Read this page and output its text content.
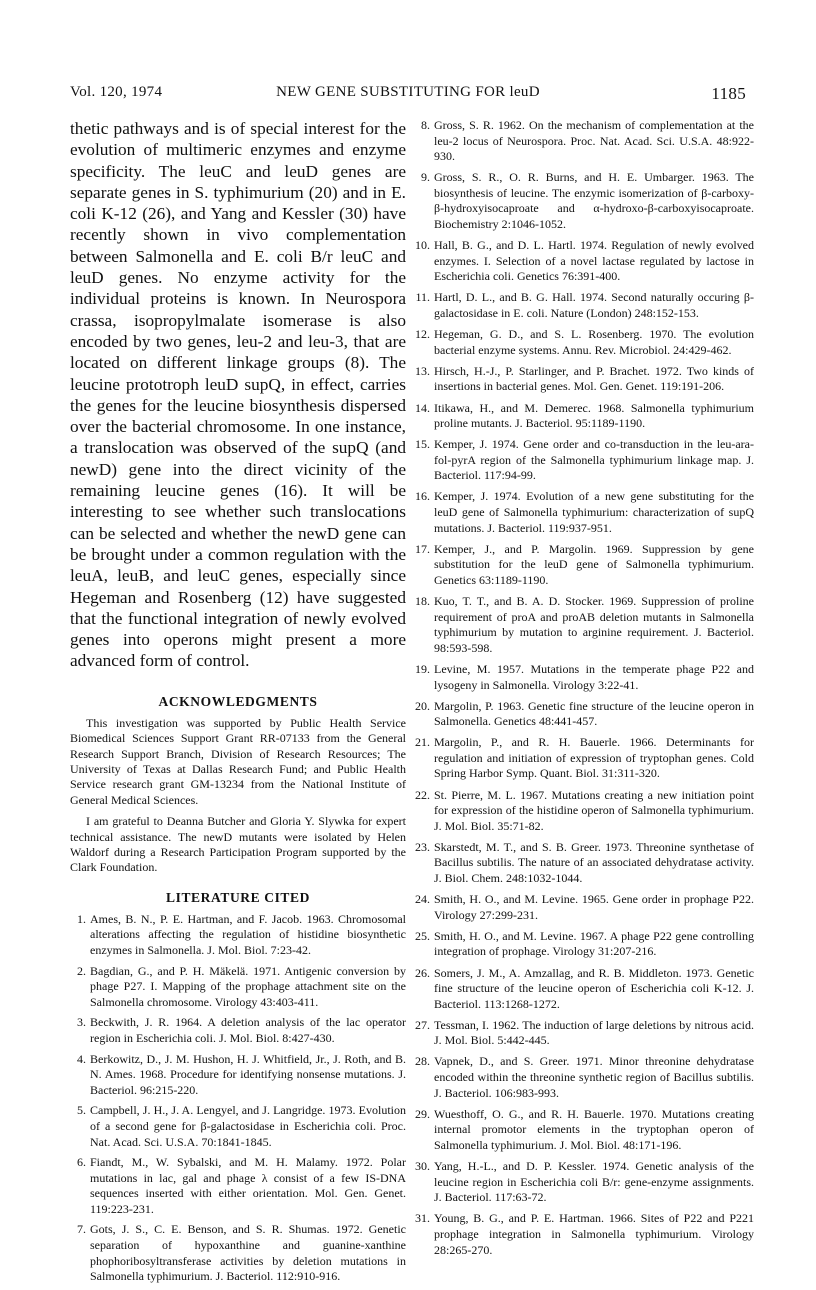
Vol. 120, 1974	NEW GENE SUBSTITUTING FOR leuD	1185

thetic pathways and is of special interest for the evolution of multimeric enzymes and enzyme specificity. The leuC and leuD genes are separate genes in S. typhimurium (20) and in E. coli K-12 (26), and Yang and Kessler (30) have recently shown in vivo complementation between Salmonella and E. coli B/r leuC and leuD genes. No enzyme activity for the individual proteins is known. In Neurospora crassa, isopropylmalate isomerase is also encoded by two genes, leu-2 and leu-3, that are located on different linkage groups (8). The leucine prototroph leuD supQ, in effect, carries the genes for the leucine biosynthesis dispersed over the bacterial chromosome. In one instance, a translocation was observed of the supQ (and newD) gene into the direct vicinity of the remaining leucine genes (16). It will be interesting to see whether such translocations can be selected and whether the newD gene can be brought under a common regulation with the leuA, leuB, and leuC genes, especially since Hegeman and Rosenberg (12) have suggested that the functional integration of newly evolved genes into operons might present a more advanced form of control.

ACKNOWLEDGMENTS

This investigation was supported by Public Health Service Biomedical Sciences Support Grant RR-07133 from the General Research Support Branch, Division of Research Resources; The University of Texas at Dallas Research Fund; and Public Health Service research grant GM-13234 from the National Institute of General Medical Sciences.

I am grateful to Deanna Butcher and Gloria Y. Slywka for expert technical assistance. The newD mutants were isolated by Helen Waldorf during a Research Participation Program supported by the Clark Foundation.

LITERATURE CITED
1. Ames, B. N., P. E. Hartman, and F. Jacob. 1963. Chromosomal alterations affecting the regulation of histidine biosynthetic enzymes in Salmonella. J. Mol. Biol. 7:23-42.
2. Bagdian, G., and P. H. Mäkelä. 1971. Antigenic conversion by phage P27. I. Mapping of the prophage attachment site on the Salmonella chromosome. Virology 43:403-411.
3. Beckwith, J. R. 1964. A deletion analysis of the lac operator region in Escherichia coli. J. Mol. Biol. 8:427-430.
4. Berkowitz, D., J. M. Hushon, H. J. Whitfield, Jr., J. Roth, and B. N. Ames. 1968. Procedure for identifying nonsense mutations. J. Bacteriol. 96:215-220.
5. Campbell, J. H., J. A. Lengyel, and J. Langridge. 1973. Evolution of a second gene for β-galactosidase in Escherichia coli. Proc. Nat. Acad. Sci. U.S.A. 70:1841-1845.
6. Fiandt, M., W. Sybalski, and M. H. Malamy. 1972. Polar mutations in lac, gal and phage λ consist of a few IS-DNA sequences inserted with either orientation. Mol. Gen. Genet. 119:223-231.
7. Gots, J. S., C. E. Benson, and S. R. Shumas. 1972. Genetic separation of hypoxanthine and guanine-xanthine phophoribosyltransferase activities by deletion mutations in Salmonella typhimurium. J. Bacteriol. 112:910-916.
8. Gross, S. R. 1962. On the mechanism of complementation at the leu-2 locus of Neurospora. Proc. Nat. Acad. Sci. U.S.A. 48:922-930.
9. Gross, S. R., O. R. Burns, and H. E. Umbarger. 1963. The biosynthesis of leucine. The enzymic isomerization of β-carboxy-β-hydroxyisocaproate and α-hydroxo-β-carboxyisocaproate. Biochemistry 2:1046-1052.
10. Hall, B. G., and D. L. Hartl. 1974. Regulation of newly evolved enzymes. I. Selection of a novel lactase regulated by lactose in Escherichia coli. Genetics 76:391-400.
11. Hartl, D. L., and B. G. Hall. 1974. Second naturally occuring β-galactosidase in E. coli. Nature (London) 248:152-153.
12. Hegeman, G. D., and S. L. Rosenberg. 1970. The evolution bacterial enzyme systems. Annu. Rev. Microbiol. 24:429-462.
13. Hirsch, H.-J., P. Starlinger, and P. Brachet. 1972. Two kinds of insertions in bacterial genes. Mol. Gen. Genet. 119:191-206.
14. Itikawa, H., and M. Demerec. 1968. Salmonella typhimurium proline mutants. J. Bacteriol. 95:1189-1190.
15. Kemper, J. 1974. Gene order and co-transduction in the leu-ara-fol-pyrA region of the Salmonella typhimurium linkage map. J. Bacteriol. 117:94-99.
16. Kemper, J. 1974. Evolution of a new gene substituting for the leuD gene of Salmonella typhimurium: characterization of supQ mutations. J. Bacteriol. 119:937-951.
17. Kemper, J., and P. Margolin. 1969. Suppression by gene substitution for the leuD gene of Salmonella typhimurium. Genetics 63:1189-1190.
18. Kuo, T. T., and B. A. D. Stocker. 1969. Suppression of proline requirement of proA and proAB deletion mutants in Salmonella typhimurium by mutation to arginine requirement. J. Bacteriol. 98:593-598.
19. Levine, M. 1957. Mutations in the temperate phage P22 and lysogeny in Salmonella. Virology 3:22-41.
20. Margolin, P. 1963. Genetic fine structure of the leucine operon in Salmonella. Genetics 48:441-457.
21. Margolin, P., and R. H. Bauerle. 1966. Determinants for regulation and initiation of expression of tryptophan genes. Cold Spring Harbor Symp. Quant. Biol. 31:311-320.
22. St. Pierre, M. L. 1967. Mutations creating a new initiation point for expression of the histidine operon of Salmonella typhimurium. J. Mol. Biol. 35:71-82.
23. Skarstedt, M. T., and S. B. Greer. 1973. Threonine synthetase of Bacillus subtilis. The nature of an associated dehydratase activity. J. Biol. Chem. 248:1032-1044.
24. Smith, H. O., and M. Levine. 1965. Gene order in prophage P22. Virology 27:299-231.
25. Smith, H. O., and M. Levine. 1967. A phage P22 gene controlling integration of prophage. Virology 31:207-216.
26. Somers, J. M., A. Amzallag, and R. B. Middleton. 1973. Genetic fine structure of the leucine operon of Escherichia coli K-12. J. Bacteriol. 113:1268-1272.
27. Tessman, I. 1962. The induction of large deletions by nitrous acid. J. Mol. Biol. 5:442-445.
28. Vapnek, D., and S. Greer. 1971. Minor threonine dehydratase encoded within the threonine synthetic region of Bacillus subtilis. J. Bacteriol. 106:983-993.
29. Wuesthoff, O. G., and R. H. Bauerle. 1970. Mutations creating internal promotor elements in the tryptophan operon of Salmonella typhimurium. J. Mol. Biol. 48:171-196.
30. Yang, H.-L., and D. P. Kessler. 1974. Genetic analysis of the leucine region in Escherichia coli B/r: gene-enzyme assignments. J. Bacteriol. 117:63-72.
31. Young, B. G., and P. E. Hartman. 1966. Sites of P22 and P221 prophage integration in Salmonella typhimurium. Virology 28:265-270.
